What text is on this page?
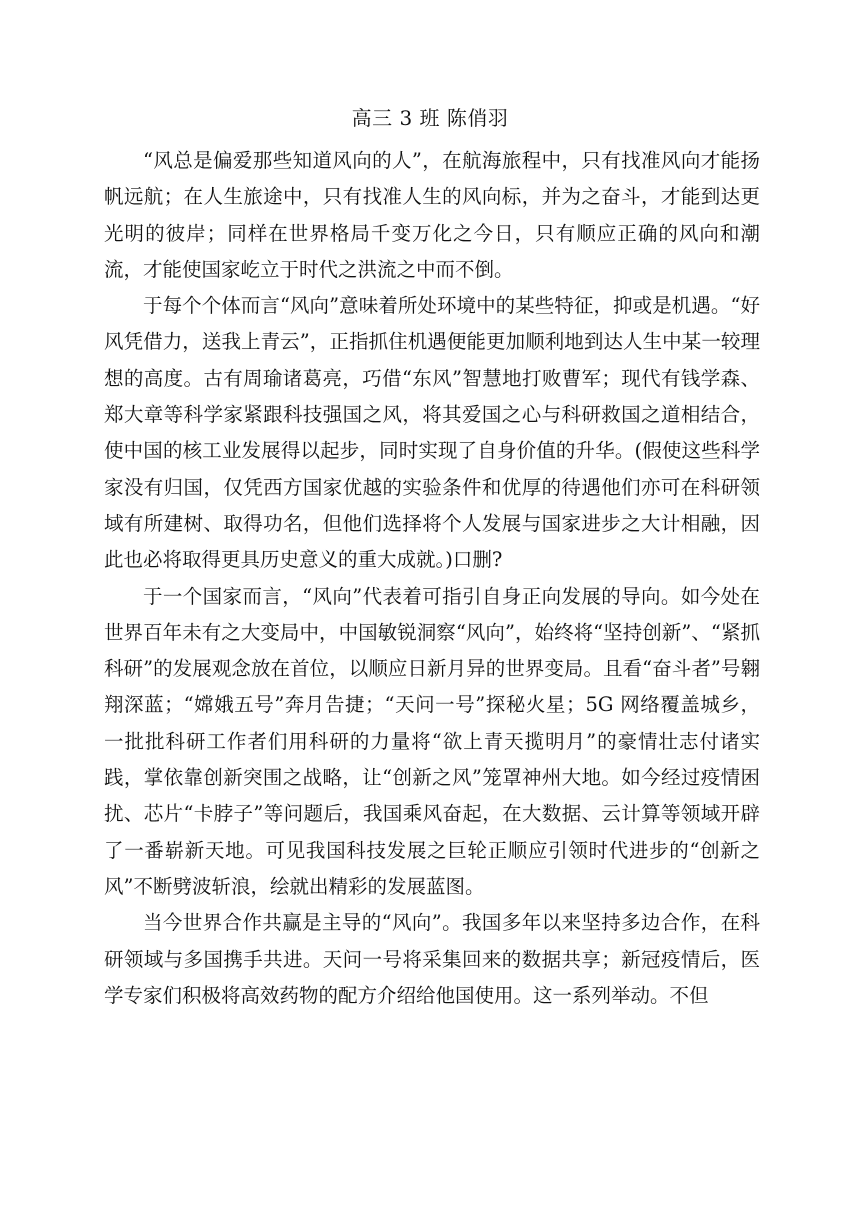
高三 3 班 陈俏羽

“风总是偏爱那些知道风向的人”，在航海旅程中，只有找准风向才能扬帆远航；在人生旅途中，只有找准人生的风向标，并为之奋斗，才能到达更光明的彼岸；同样在世界格局千变万化之今日，只有顺应正确的风向和潮流，才能使国家屹立于时代之洪流之中而不倒。

于每个个体而言“风向”意味着所处环境中的某些特征，抑或是机遇。“好风凭借力，送我上青云”，正指抓住机遇便能更加顺利地到达人生中某一较理想的高度。古有周瑜诸葛亮，巧借“东风”智慧地打败曹军；现代有钱学森、郑大章等科学家紧跟科技强国之风，将其爱国之心与科研救国之道相结合，使中国的核工业发展得以起步，同时实现了自身价值的升华。(假使这些科学家没有归国，仅凭西方国家优越的实验条件和优厚的待遇他们亦可在科研领域有所建树、取得功名，但他们选择将个人发展与国家进步之大计相融，因此也必将取得更具历史意义的重大成就。)口删?

于一个国家而言，“风向”代表着可指引自身正向发展的导向。如今处在世界百年未有之大变局中，中国敏锐洞察“风向”，始终将“坚持创新”、“紧抓科研”的发展观念放在首位，以顺应日新月异的世界变局。且看“奋斗者”号翱翔深蓝；“嫦娥五号”奔月告捷；“天问一号”探秘火星；5G 网络覆盖城乡，一批批科研工作者们用科研的力量将“欲上青天揽明月”的豪情壮志付诸实践，掌依靠创新突围之战略，让“创新之风”笼罩神州大地。如今经过疫情困扰、芯片“卡脖子”等问题后，我国乘风奋起，在大数据、云计算等领域开辟了一番崭新天地。可见我国科技发展之巨轮正顺应引领时代进步的“创新之风”不断劈波斩浪，绘就出精彩的发展蓝图。

当今世界合作共赢是主导的“风向”。我国多年以来坚持多边合作，在科研领域与多国携手共进。天问一号将采集回来的数据共享；新冠疫情后，医学专家们积极将高效药物的配方介绍给他国使用。这一系列举动。不但
